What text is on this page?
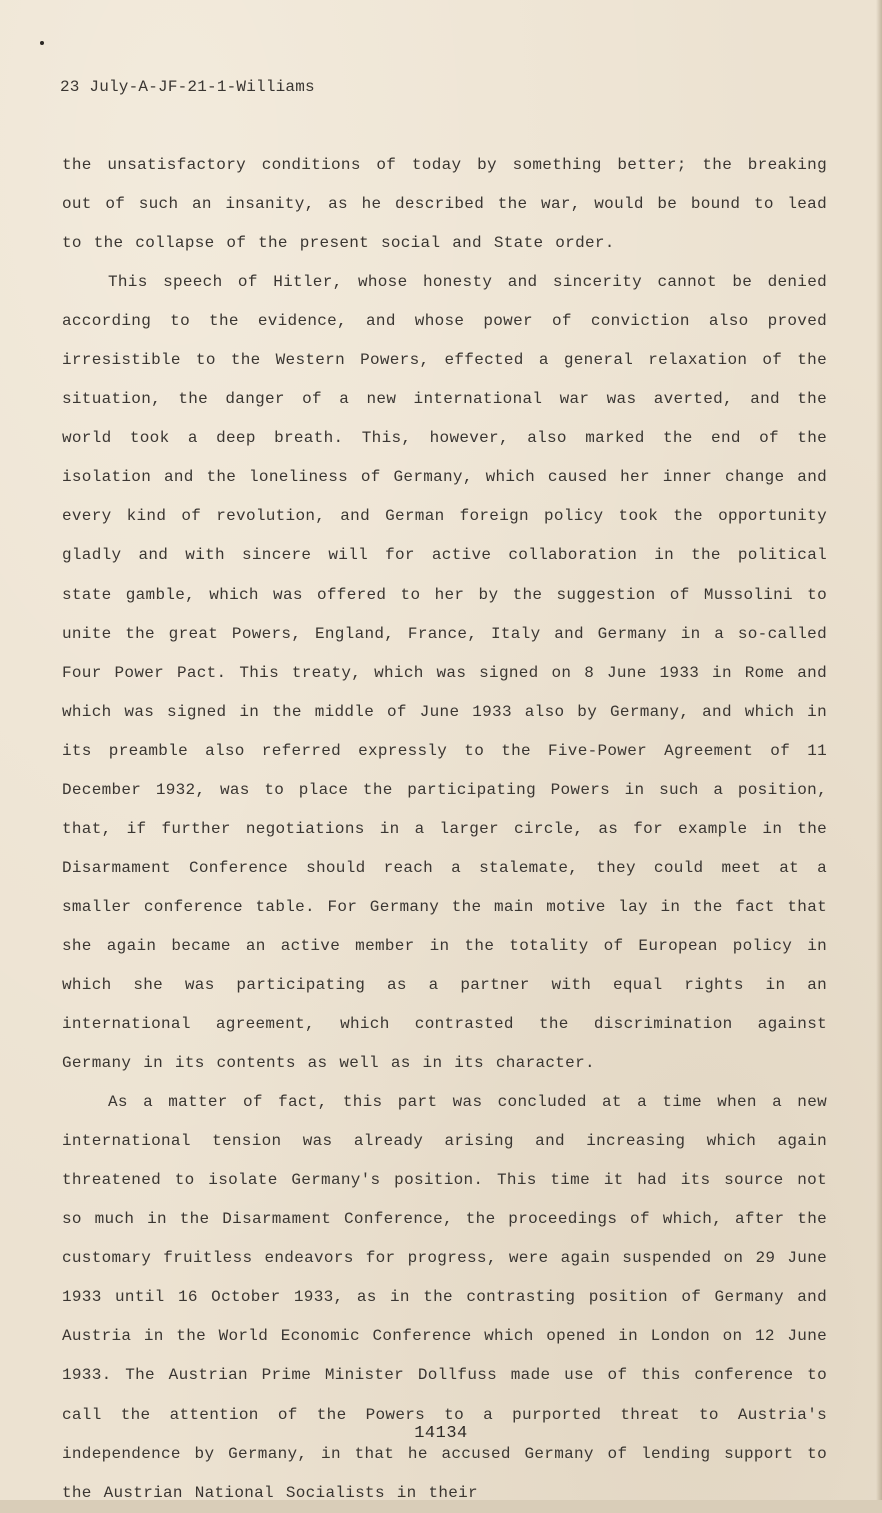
23 July-A-JF-21-1-Williams

the unsatisfactory conditions of today by something better; the breaking out of such an insanity, as he described the war, would be bound to lead to the collapse of the present social and State order.

This speech of Hitler, whose honesty and sincerity cannot be denied according to the evidence, and whose power of conviction also proved irresistible to the Western Powers, effected a general relaxation of the situation, the danger of a new international war was averted, and the world took a deep breath. This, however, also marked the end of the isolation and the loneliness of Germany, which caused her inner change and every kind of revolution, and German foreign policy took the opportunity gladly and with sincere will for active collaboration in the political state gamble, which was offered to her by the suggestion of Mussolini to unite the great Powers, England, France, Italy and Germany in a so-called Four Power Pact. This treaty, which was signed on 8 June 1933 in Rome and which was signed in the middle of June 1933 also by Germany, and which in its preamble also referred expressly to the Five-Power Agreement of 11 December 1932, was to place the participating Powers in such a position, that, if further negotiations in a larger circle, as for example in the Disarmament Conference should reach a stalemate, they could meet at a smaller conference table. For Germany the main motive lay in the fact that she again became an active member in the totality of European policy in which she was participating as a partner with equal rights in an international agreement, which contrasted the discrimination against Germany in its contents as well as in its character.

As a matter of fact, this part was concluded at a time when a new international tension was already arising and increasing which again threatened to isolate Germany's position. This time it had its source not so much in the Disarmament Conference, the proceedings of which, after the customary fruitless endeavors for progress, were again suspended on 29 June 1933 until 16 October 1933, as in the contrasting position of Germany and Austria in the World Economic Conference which opened in London on 12 June 1933. The Austrian Prime Minister Dollfuss made use of this conference to call the attention of the Powers to a purported threat to Austria's independence by Germany, in that he accused Germany of lending support to the Austrian National Socialists in their

14134
